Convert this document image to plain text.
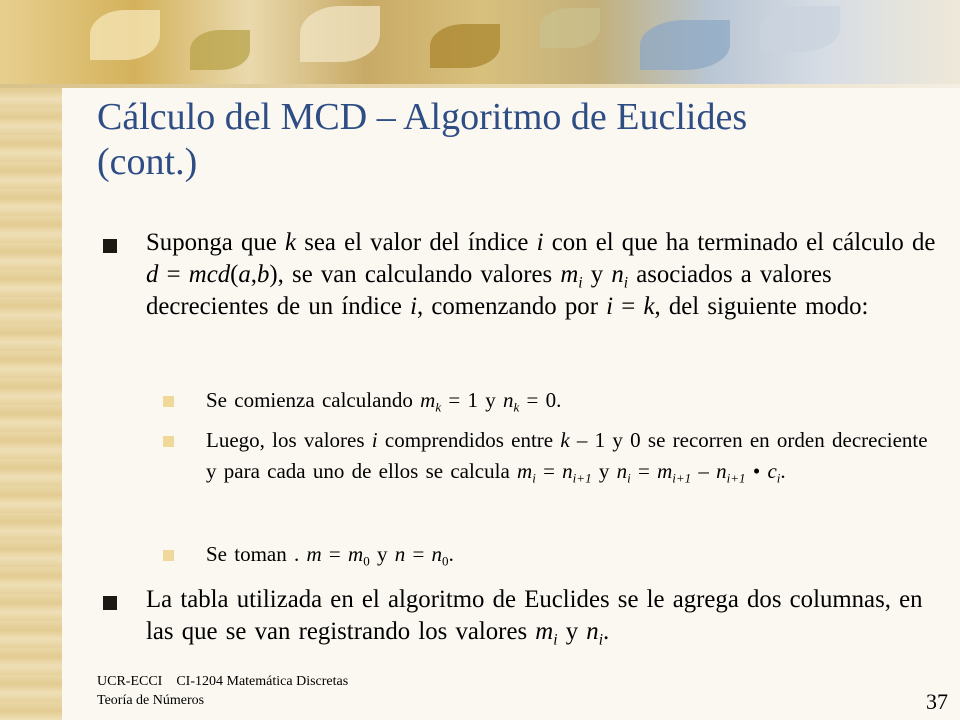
Cálculo del MCD – Algoritmo de Euclides
(cont.)
Suponga que k sea el valor del índice i con el que ha terminado el cálculo de d = mcd(a,b), se van calculando valores $m_i$ y $n_i$ asociados a valores decrecientes de un índice i, comenzando por i = k, del siguiente modo:
Se comienza calculando $m_k = 1$ y $n_k = 0$.
Luego, los valores i comprendidos entre k – 1 y 0 se recorren en orden decreciente y para cada uno de ellos se calcula $m_i = n_{i+1}$ y $n_i = m_{i+1} - n_{i+1}$ • $c_i$.
Se toman . $m = m_0$ y $n = n_0$.
La tabla utilizada en el algoritmo de Euclides se le agrega dos columnas, en las que se van registrando los valores $m_i$ y $n_i$.
UCR-ECCI CI-1204 Matemática Discretas
Teoría de Números	37
